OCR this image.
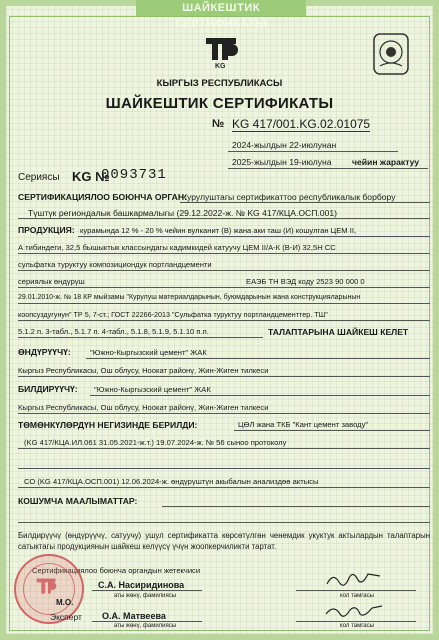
ШАЙКЕШТИК СЕРТИФИКАТЫ
KG
КЫРГЫЗ РЕСПУБЛИКАСЫ
ШАЙКЕШТИК СЕРТИФИКАТЫ
№ KG 417/001.KG.02.01075
2024-жылдын 22-июлунан
2025-жылдын 19-июлуна чейин жарактуу
Сериясы KG №
0093731
СЕРТИФИКАЦИЯЛОО БОЮНЧА ОРГАН:
Курулуштагы сертификаттоо республикалык борбору
Түштүк региондалык башкармалыгы (29.12.2022-ж. № KG 417/КЦА.ОСП.001)
ПРОДУКЦИЯ: курамында 12 % - 20 % чейин вулканит (В) жана аки таш (И) кошулган ЦЕМ II,
А тибиндеги, 32,5 бышыктык классындагы кадимкидей катуучу ЦЕМ II/А-К (В-И) 32,5Н СС
сульфатка туруктуу композициондук портландцементи
сериялык өндүрүш	ЕАЭБ ТН ВЭД коду 2523 90 000 0
29.01.2010-ж. № 18 КР мыйзамы "Курулуш материалдарынын, буюмдарынын жана конструкцияларынын
коопсуздугунун" ТР 5, 7-ст.; ГОСТ 22266-2013 "Сульфатка туруктуу портландцементтер. ТШ"
5.1.2 п. 3-табл., 5.1.7 п. 4-табл., 5.1.8, 5.1.9, 5.1.10 п.п.	ТАЛАПТАРЫНА ШАЙКЕШ КЕЛЕТ
ӨНДҮРҮҮЧҮ:	"Южно-Кыргызский цемент" ЖАК
Кыргыз Республикасы, Ош облусу, Ноокат районү, Жин-Жиген тилкеси
БИЛДИРҮҮЧҮ: "Южно-Кыргызский цемент" ЖАК
Кыргыз Республикасы, Ош облусу, Ноокат районү, Жин-Жиген тилкеси
ТӨМӨНКҮЛӨРДҮН НЕГИЗИНДЕ БЕРИЛДИ:	ЦӨЛ жана ТКБ "Кант цемент заводу"
(KG 417/КЦА.ИЛ.061 31.05.2021-ж.т.) 19.07.2024-ж. № 56 сынoo протоколу
СО (KG 417/КЦА.ОСП.001) 12.06.2024-ж. өндүрүштүн акыбалын анализдөө актысы
КОШУМЧА МААЛЫМАТТАР:
Билдирүүчү (өндүрүүчү, сатуучу) ушул сертификатта көрсөтүлгөн ченемдик укуктук актылардын талаптарын сатыктагы продукциянын шайкеш келүүсү үчүн жоопкерчиликти тартат.
Сертификациялоо боюнча органдын жетекчиси
С.А. Насиридинова
аты жөнү, фамилиясы	кол тамгасы
М.О.
Эксперт О.А. Матвеева
аты жөнү, фамилиясы	кол тамгасы
